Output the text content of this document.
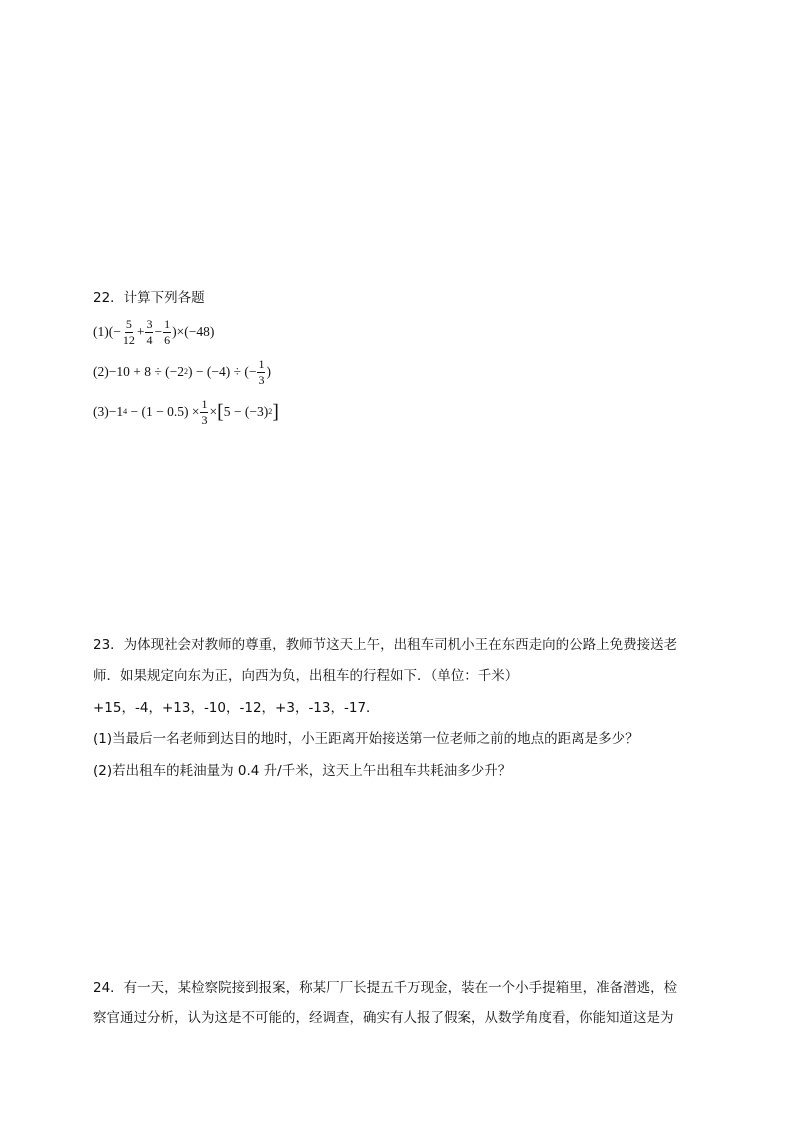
22．计算下列各题
(1) (− $\frac{5}{12} + \frac{3}{4} - \frac{1}{6} )\times(-48)$
(2) −10 + 8 ÷ (−2 2 ) − (−4) ÷ (− $\frac{1}{3}$ )
(3) −1 $4 - (1 - 0.5) \times \frac{1}{3}$ × [ 5 − (−3) 2 ]
23．为体现社会对教师的尊重，教师节这天上午，出租车司机小王在东西走向的公路上免费接送老
师．如果规定向东为正，向西为负，出租车的行程如下．（单位：千米）
+15，-4，+13，-10，-12，+3，-13，-17．
(1)当最后一名老师到达目的地时，小王距离开始接送第一位老师之前的地点的距离是多少？
(2)若出租车的耗油量为 0.4 升/千米，这天上午出租车共耗油多少升？
24．有一天，某检察院接到报案，称某厂厂长提五千万现金，装在一个小手提箱里，准备潜逃，检
察官通过分析，认为这是不可能的，经调查，确实有人报了假案，从数学角度看，你能知道这是为
